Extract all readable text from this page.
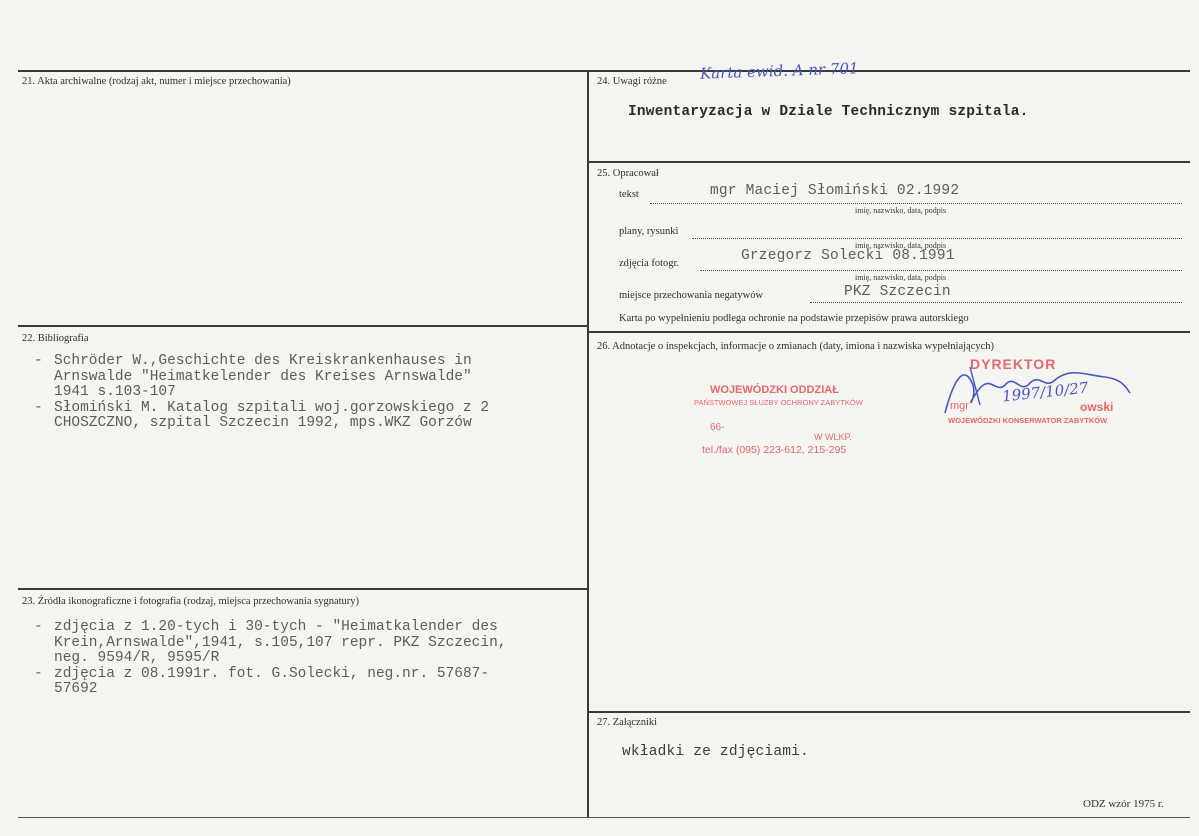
21. Akta archiwalne (rodzaj akt, numer i miejsce przechowania)
22. Bibliografia
- Schröder W.,Geschichte des Kreiskrankenhauses in
Arnswalde "Heimatkelender des Kreises Arnswalde"
1941 s.103-107
- Słomiński M. Katalog szpitali woj.gorzowskiego z 2
CHOSZCZNO, szpital Szczecin 1992, mps.WKZ Gorzów
23. Źródła ikonograficzne i fotografia (rodzaj, miejsca przechowania sygnatury)
- zdjęcia z 1.20-tych i 30-tych - "Heimatkalender des
Krein,Arnswalde",1941, s.105,107 repr. PKZ Szczecin,
neg. 9594/R, 9595/R
- zdjęcia z 08.1991r. fot. G.Solecki, neg.nr. 57687-
57692
24. Uwagi różne Karta ewid. A nr 701
Inwentaryzacja w Dziale Technicznym szpitala.
25. Opracował
tekst	mgr Maciej Słomiński 02.1992
imię, nazwisko, data, podpis
plany, rysunki
imię, nazwisko, data, podpis
zdjęcia fotogr.	Grzegorz Solecki 08.1991
imię, nazwisko, data, podpis
miejsce przechowania negatywów	PKZ Szczecin
Karta po wypełnieniu podlega ochronie na podstawie przepisów prawa autorskiego
26. Adnotacje o inspekcjach, informacje o zmianach (daty, imiona i nazwiska wypełniających)
WOJEWÓDZKI ODDZIAŁ
PAŃSTWOWEJ SŁUŻBY OCHRONY ZABYTKÓW
66-
W WLKP.
tel./fax (095) 223-612, 215-295
DYREKTOR
mgr	owski
WOJEWÓDZKI KONSERWATOR ZABYTKÓW
1997/10/27
27. Załączniki
wkładki ze zdjęciami.
ODZ wzór 1975 r.
